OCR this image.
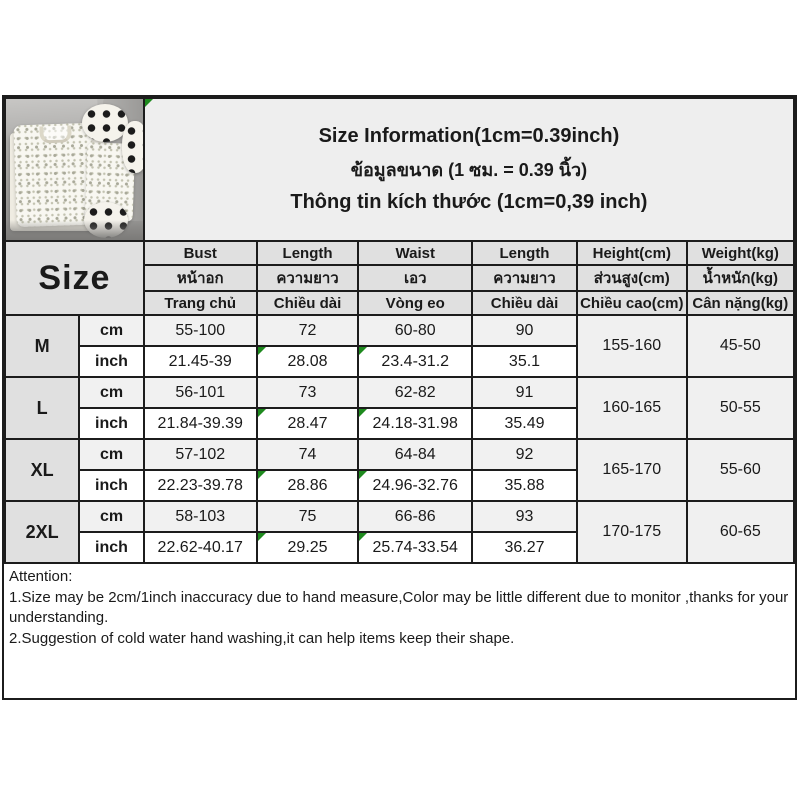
		Size Information(1cm=0.39inch)
ข้อมูลขนาด (1 ซม. = 0.39 นิ้ว)
Thông tin kích thước (1cm=0,39 inch)					

Size		Bust	Length	Waist	Length	Height(cm)	Weight(kg)
		หน้าอก	ความยาว	เอว	ความยาว	ส่วนสูง(cm)	น้ำหนัก(kg)
		Trang chủ	Chiều dài	Vòng eo	Chiều dài	Chiều cao(cm)	Cân nặng(kg)
M	cm	55-100	72	60-80	90	155-160	45-50
	inch	21.45-39	28.08	23.4-31.2	35.1		
L	cm	56-101	73	62-82	91	160-165	50-55
	inch	21.84-39.39	28.47	24.18-31.98	35.49		
XL	cm	57-102	74	64-84	92	165-170	55-60
	inch	22.23-39.78	28.86	24.96-32.76	35.88		
2XL	cm	58-103	75	66-86	93	170-175	60-65
	inch	22.62-40.17	29.25	25.74-33.54	36.27		
Attention:
1.Size may be 2cm/1inch inaccuracy due to hand measure,Color may be little different due to monitor ,thanks for your understanding.
2.Suggestion of cold water hand washing,it can help items keep their shape.
